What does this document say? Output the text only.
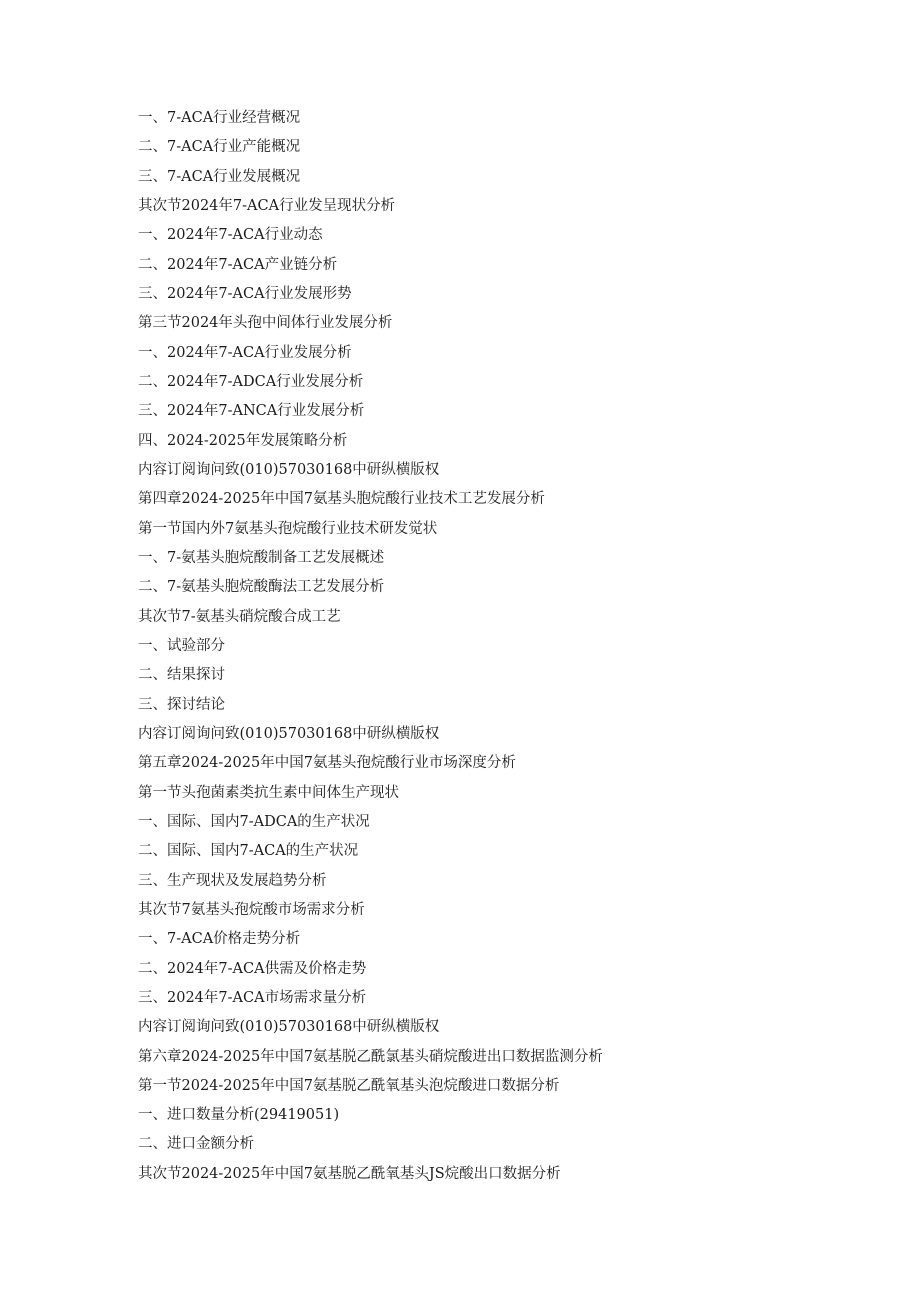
一、7-ACA行业经营概况
二、7-ACA行业产能概况
三、7-ACA行业发展概况
其次节2024年7-ACA行业发呈现状分析
一、2024年7-ACA行业动态
二、2024年7-ACA产业链分析
三、2024年7-ACA行业发展形势
第三节2024年头孢中间体行业发展分析
一、2024年7-ACA行业发展分析
二、2024年7-ADCA行业发展分析
三、2024年7-ANCA行业发展分析
四、2024-2025年发展策略分析
内容订阅询问致(010)57030168中研纵横版权
第四章2024-2025年中国7氨基头胞烷酸行业技术工艺发展分析
第一节国内外7氨基头孢烷酸行业技术研发觉状
一、7-氨基头胞烷酸制备工艺发展概述
二、7-氨基头胞烷酸酶法工艺发展分析
其次节7-氨基头硝烷酸合成工艺
一、试验部分
二、结果探讨
三、探讨结论
内容订阅询问致(010)57030168中研纵横版权
第五章2024-2025年中国7氨基头孢烷酸行业市场深度分析
第一节头孢菌素类抗生素中间体生产现状
一、国际、国内7-ADCA的生产状况
二、国际、国内7-ACA的生产状况
三、生产现状及发展趋势分析
其次节7氨基头孢烷酸市场需求分析
一、7-ACA价格走势分析
二、2024年7-ACA供需及价格走势
三、2024年7-ACA市场需求量分析
内容订阅询问致(010)57030168中研纵横版权
第六章2024-2025年中国7氨基脱乙酰氯基头硝烷酸进出口数据监测分析
第一节2024-2025年中国7氨基脱乙酰氧基头泡烷酸进口数据分析
一、进口数量分析(29419051)
二、进口金额分析
其次节2024-2025年中国7氨基脱乙酰氧基头JS烷酸出口数据分析
